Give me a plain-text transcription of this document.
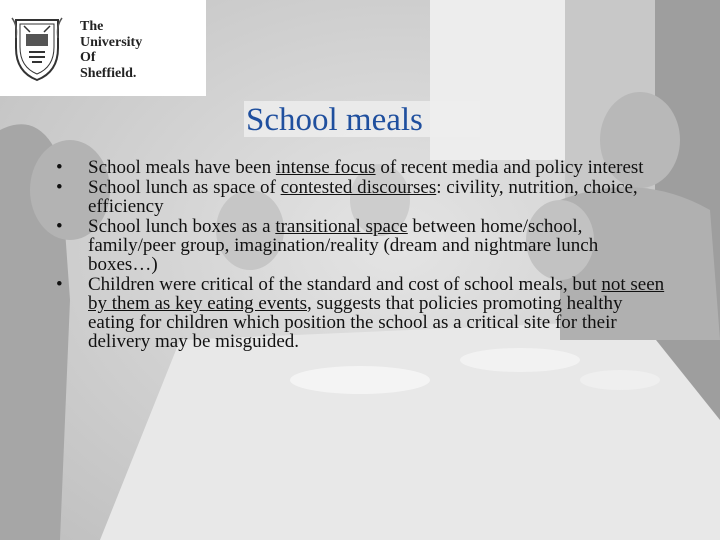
The
University
Of
Sheffield.
School meals
• School meals have been intense focus of recent media and policy interest
• School lunch as space of contested discourses: civility, nutrition, choice, efficiency
• School lunch boxes as a transitional space between home/school, family/peer group, imagination/reality (dream and nightmare lunch boxes…)
• Children were critical of the standard and cost of school meals, but not seen by them as key eating events, suggests that policies promoting healthy eating for children which position the school as a critical site for their delivery may be misguided.
